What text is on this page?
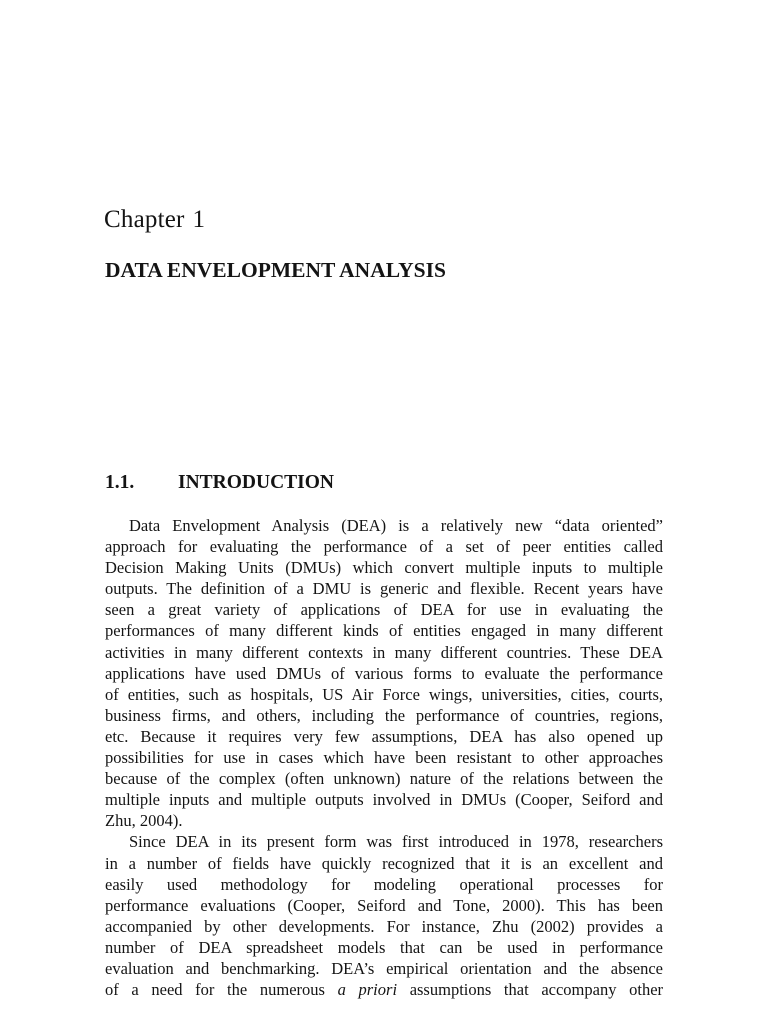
Chapter 1
DATA ENVELOPMENT ANALYSIS
1.1. INTRODUCTION
Data Envelopment Analysis (DEA) is a relatively new “data oriented”
approach for evaluating the performance of a set of peer entities called
Decision Making Units (DMUs) which convert multiple inputs to multiple
outputs. The definition of a DMU is generic and flexible. Recent years have
seen a great variety of applications of DEA for use in evaluating the
performances of many different kinds of entities engaged in many different
activities in many different contexts in many different countries. These DEA
applications have used DMUs of various forms to evaluate the performance
of entities, such as hospitals, US Air Force wings, universities, cities, courts,
business firms, and others, including the performance of countries, regions,
etc. Because it requires very few assumptions, DEA has also opened up
possibilities for use in cases which have been resistant to other approaches
because of the complex (often unknown) nature of the relations between the
multiple inputs and multiple outputs involved in DMUs (Cooper, Seiford and
Zhu, 2004).
Since DEA in its present form was first introduced in 1978, researchers
in a number of fields have quickly recognized that it is an excellent and
easily used methodology for modeling operational processes for
performance evaluations (Cooper, Seiford and Tone, 2000). This has been
accompanied by other developments. For instance, Zhu (2002) provides a
number of DEA spreadsheet models that can be used in performance
evaluation and benchmarking. DEA’s empirical orientation and the absence
of a need for the numerous a priori assumptions that accompany other
